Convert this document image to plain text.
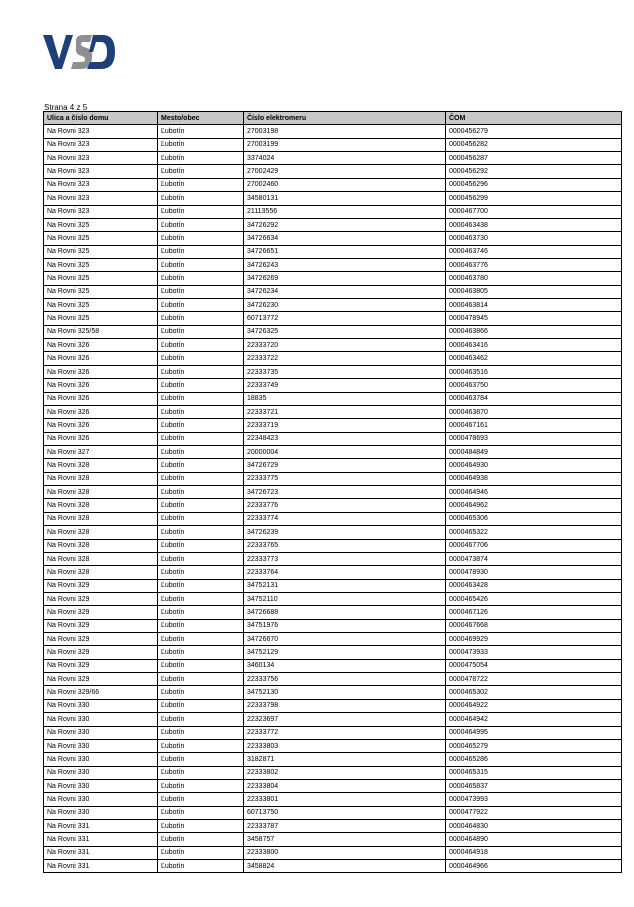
Strana 4 z 5
Ulica a číslo domu	Mesto/obec	Číslo elektromeru	ČOM
Na Rovni 323	Ľubotín	27003198	0000456279
Na Rovni 323	Ľubotín	27003199	0000456282
Na Rovni 323	Ľubotín	3374024	0000456287
Na Rovni 323	Ľubotín	27002429	0000456292
Na Rovni 323	Ľubotín	27002460	0000456296
Na Rovni 323	Ľubotín	34580131	0000456299
Na Rovni 323	Ľubotín	21113556	0000467700
Na Rovni 325	Ľubotín	34726292	0000463438
Na Rovni 325	Ľubotín	34726634	0000463730
Na Rovni 325	Ľubotín	34726651	0000463746
Na Rovni 325	Ľubotín	34726243	0000463776
Na Rovni 325	Ľubotín	34726269	0000463780
Na Rovni 325	Ľubotín	34726234	0000463805
Na Rovni 325	Ľubotín	34726230	0000463814
Na Rovni 325	Ľubotín	60713772	0000478945
Na Rovni 325/58	Ľubotín	34726325	0000463866
Na Rovni 326	Ľubotín	22333720	0000463416
Na Rovni 326	Ľubotín	22333722	0000463462
Na Rovni 326	Ľubotín	22333735	0000463516
Na Rovni 326	Ľubotín	22333749	0000463750
Na Rovni 326	Ľubotín	18835	0000463784
Na Rovni 326	Ľubotín	22333721	0000463870
Na Rovni 326	Ľubotín	22333719	0000467161
Na Rovni 326	Ľubotín	22348423	0000478693
Na Rovni 327	Ľubotín	20000004	0000484849
Na Rovni 328	Ľubotín	34726729	0000464930
Na Rovni 328	Ľubotín	22333775	0000464938
Na Rovni 328	Ľubotín	34726723	0000464946
Na Rovni 328	Ľubotín	22333776	0000464962
Na Rovni 328	Ľubotín	22333774	0000465306
Na Rovni 328	Ľubotín	34726239	0000465322
Na Rovni 328	Ľubotín	22333765	0000467706
Na Rovni 328	Ľubotín	22333773	0000473874
Na Rovni 328	Ľubotín	22333764	0000478930
Na Rovni 329	Ľubotín	34752131	0000463428
Na Rovni 329	Ľubotín	34752110	0000465426
Na Rovni 329	Ľubotín	34726688	0000467126
Na Rovni 329	Ľubotín	34751976	0000467668
Na Rovni 329	Ľubotín	34726670	0000469929
Na Rovni 329	Ľubotín	34752129	0000473933
Na Rovni 329	Ľubotín	3460134	0000475054
Na Rovni 329	Ľubotín	22333756	0000478722
Na Rovni 329/66	Ľubotín	34752130	0000465302
Na Rovni 330	Ľubotín	22333798	0000464922
Na Rovni 330	Ľubotín	22323697	0000464942
Na Rovni 330	Ľubotín	22333772	0000464995
Na Rovni 330	Ľubotín	22333803	0000465279
Na Rovni 330	Ľubotín	3182871	0000465286
Na Rovni 330	Ľubotín	22333802	0000465315
Na Rovni 330	Ľubotín	22333804	0000465837
Na Rovni 330	Ľubotín	22333801	0000473993
Na Rovni 330	Ľubotín	60713750	0000477922
Na Rovni 331	Ľubotín	22333787	0000464830
Na Rovni 331	Ľubotín	3458757	0000464890
Na Rovni 331	Ľubotín	22333800	0000464918
Na Rovni 331	Ľubotín	3458824	0000464966
